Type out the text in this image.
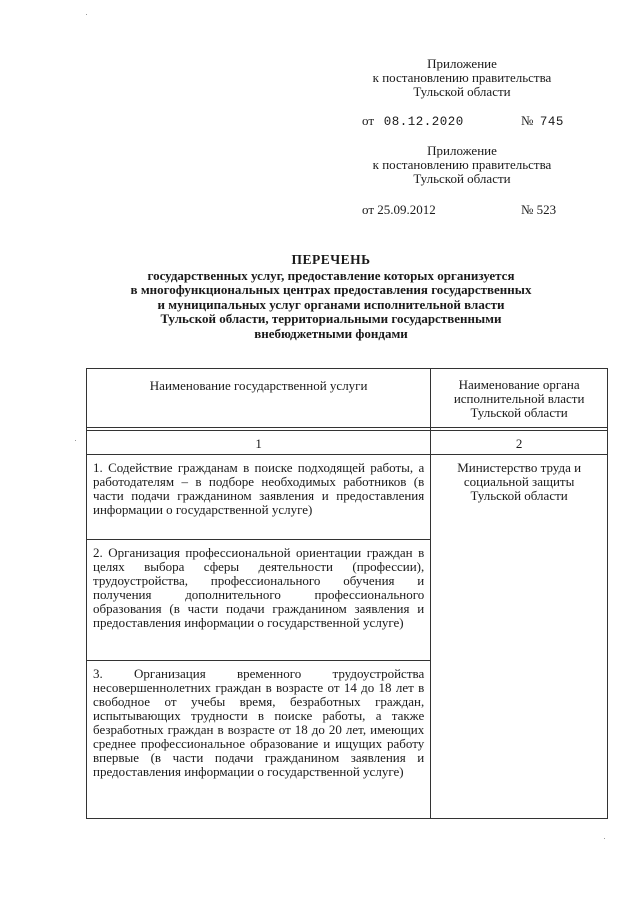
Приложение
к постановлению правительства
Тульской области
от 08.12.2020	№ 745
Приложение
к постановлению правительства
Тульской области
от 25.09.2012	№ 523
ПЕРЕЧЕНЬ
государственных услуг, предоставление которых организуется
в многофункциональных центрах предоставления государственных
и муниципальных услуг органами исполнительной власти
Тульской области, территориальными государственными
внебюджетными фондами
Наименование государственной услуги	Наименование органа исполнительной власти Тульской области

1	2
1. Содействие гражданам в поиске подходящей работы, а работодателям – в подборе необходимых работников (в части подачи гражданином заявления и предоставления информации о государственной услуге)	Министерство труда и социальной защиты Тульской области
2. Организация профессиональной ориентации граждан в целях выбора сферы деятельности (профессии), трудоустройства, профессионального обучения и получения дополнительного профессионального образования (в части подачи гражданином заявления и предоставления информации о государственной услуге)	
3. Организация временного трудоустройства несовершеннолетних граждан в возрасте от 14 до 18 лет в свободное от учебы время, безработных граждан, испытывающих трудности в поиске работы, а также безработных граждан в возрасте от 18 до 20 лет, имеющих среднее профессиональное образование и ищущих работу впервые (в части подачи гражданином заявления и предоставления информации о государственной услуге)	
